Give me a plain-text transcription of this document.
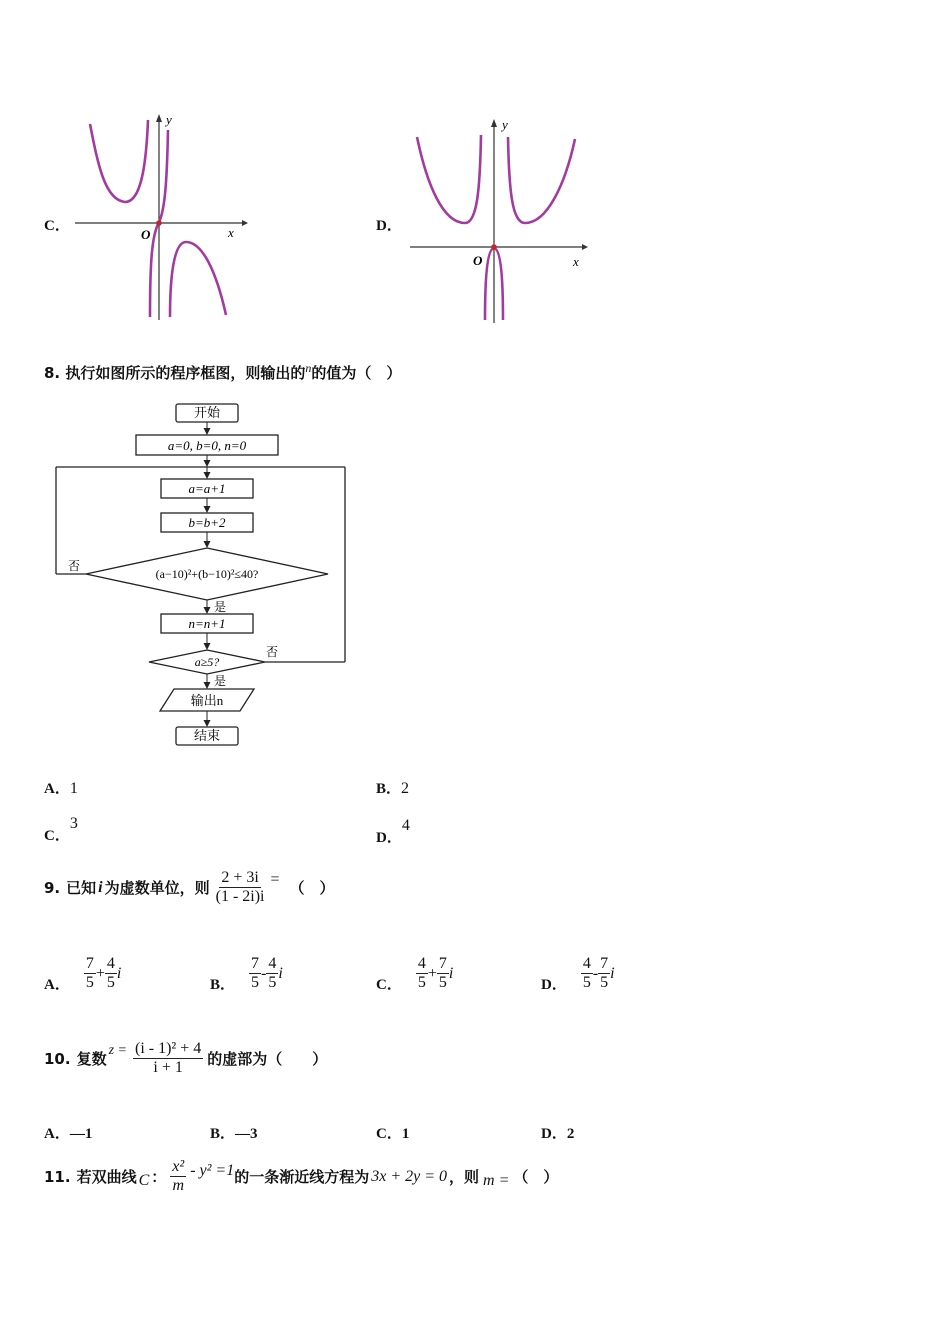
C．	x
y
O
D．
x
y
O
8. 执行如图所示的程序框图，则输出的$^n$的值为（　）
开始
a=0, b=0, n=0
a=a+1
b=b+2
(a−10)²+(b−10)²≤40?
否
是
n=n+1
a≥5?
否
是
输出n
结束
A．1	B．2
C．3
D．4
9. 已知 i 为虚数单位，则 $\frac{2 + 3i}{(1 - 2i)i}$ = （　）
A． $\frac{7}{5} + \frac{4}{5}$ i
B． $\frac{7}{5} - \frac{4}{5}$ i
C． $\frac{4}{5} + \frac{7}{5}$ i
D． $\frac{4}{5} - \frac{7}{5}$ i
10. 复数 $z = \frac{\text{(i - 1)² + 4}}{i + 1}$ 的虚部为（　　）
A．—1	B．—3	C．1	D．2
11. 若双曲线 C ： $\frac{\text{x²}}{m} - y^2 =1$ 的一条渐近线方程为 3x + 2y = 0 ，则 m = （　）
